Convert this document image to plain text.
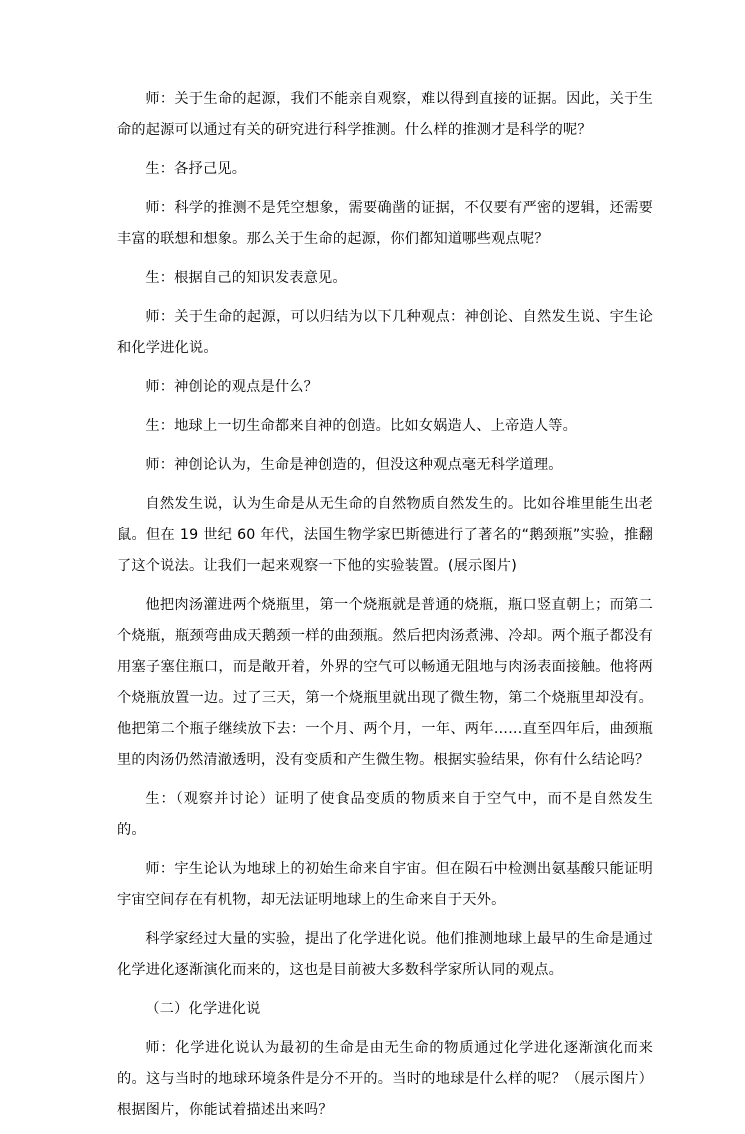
师：关于生命的起源，我们不能亲自观察，难以得到直接的证据。因此，关于生命的起源可以通过有关的研究进行科学推测。什么样的推测才是科学的呢？

生：各抒己见。

师：科学的推测不是凭空想象，需要确凿的证据，不仅要有严密的逻辑，还需要丰富的联想和想象。那么关于生命的起源，你们都知道哪些观点呢？

生：根据自己的知识发表意见。

师：关于生命的起源，可以归结为以下几种观点：神创论、自然发生说、宇生论和化学进化说。

师：神创论的观点是什么？

生：地球上一切生命都来自神的创造。比如女娲造人、上帝造人等。

师：神创论认为，生命是神创造的，但没这种观点毫无科学道理。

自然发生说，认为生命是从无生命的自然物质自然发生的。比如谷堆里能生出老鼠。但在 19 世纪 60 年代，法国生物学家巴斯德进行了著名的“鹅颈瓶”实验，推翻了这个说法。让我们一起来观察一下他的实验装置。(展示图片)

他把肉汤灌进两个烧瓶里，第一个烧瓶就是普通的烧瓶，瓶口竖直朝上；而第二个烧瓶，瓶颈弯曲成天鹅颈一样的曲颈瓶。然后把肉汤煮沸、冷却。两个瓶子都没有用塞子塞住瓶口，而是敞开着，外界的空气可以畅通无阻地与肉汤表面接触。他将两个烧瓶放置一边。过了三天，第一个烧瓶里就出现了微生物，第二个烧瓶里却没有。他把第二个瓶子继续放下去：一个月、两个月，一年、两年……直至四年后，曲颈瓶里的肉汤仍然清澈透明，没有变质和产生微生物。根据实验结果，你有什么结论吗？

生：（观察并讨论）证明了使食品变质的物质来自于空气中，而不是自然发生的。

师：宇生论认为地球上的初始生命来自宇宙。但在陨石中检测出氨基酸只能证明宇宙空间存在有机物，却无法证明地球上的生命来自于天外。

科学家经过大量的实验，提出了化学进化说。他们推测地球上最早的生命是通过化学进化逐渐演化而来的，这也是目前被大多数科学家所认同的观点。

（二）化学进化说

师：化学进化说认为最初的生命是由无生命的物质通过化学进化逐渐演化而来的。这与当时的地球环境条件是分不开的。当时的地球是什么样的呢？（展示图片）根据图片，你能试着描述出来吗？
